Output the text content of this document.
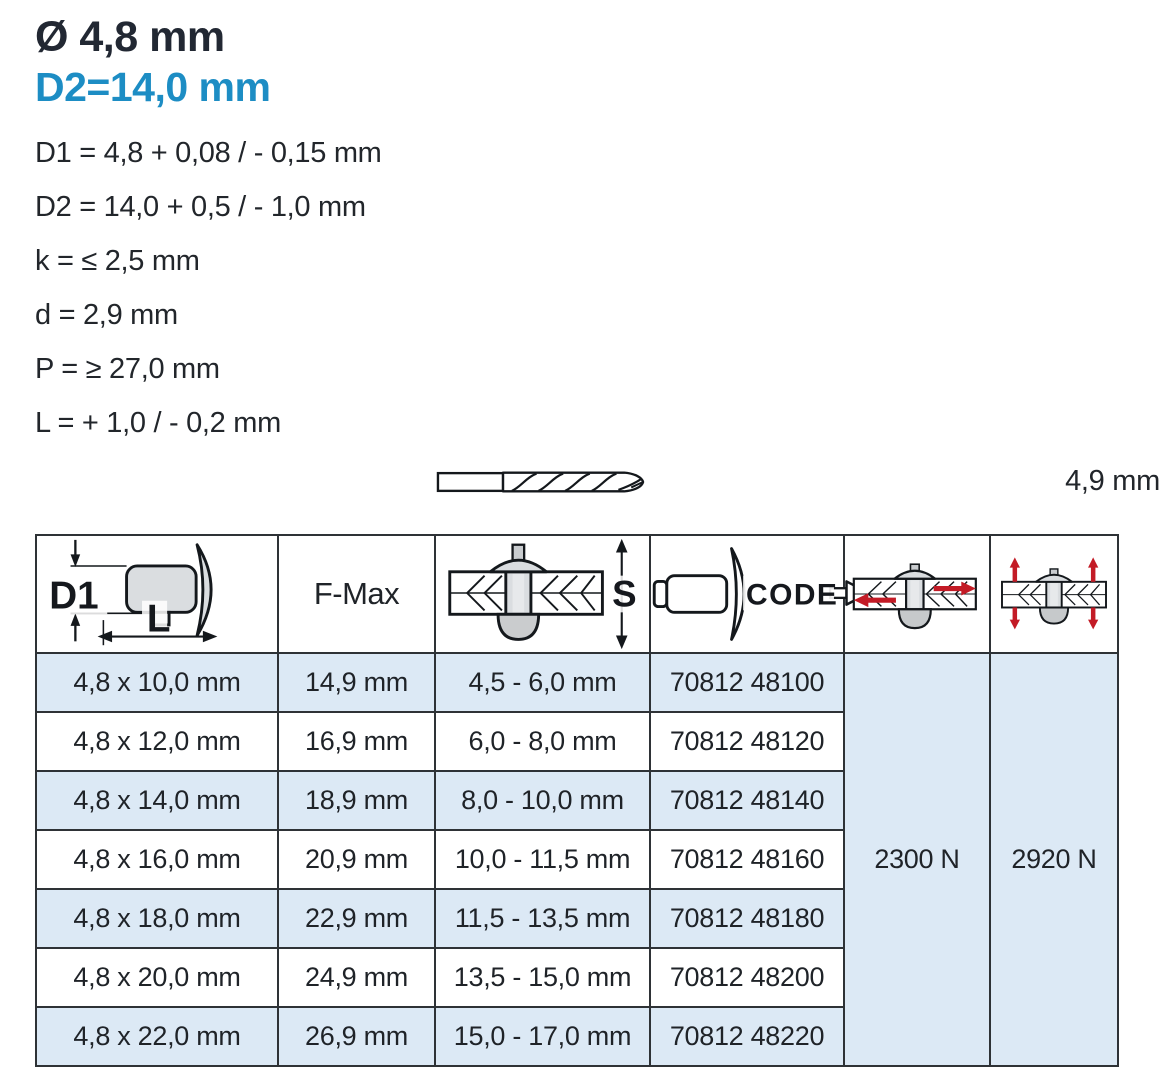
Ø 4,8 mm
D2=14,0 mm
D1 = 4,8 + 0,08 / - 0,15 mm
D2 = 14,0 + 0,5 / - 1,0 mm
k = ≤ 2,5 mm
d = 2,9 mm
P = ≥ 27,0 mm
L = + 1,0 / - 0,2 mm
4,9 mm
D1
L	F-Max	S	CODE

4,8 x 10,0 mm	14,9 mm	4,5 - 6,0 mm	70812 48100	2300 N	2920 N
4,8 x 12,0 mm	16,9 mm	6,0 - 8,0 mm	70812 48120		
4,8 x 14,0 mm	18,9 mm	8,0 - 10,0 mm	70812 48140		
4,8 x 16,0 mm	20,9 mm	10,0 - 11,5 mm	70812 48160		
4,8 x 18,0 mm	22,9 mm	11,5 - 13,5 mm	70812 48180		
4,8 x 20,0 mm	24,9 mm	13,5 - 15,0 mm	70812 48200		
4,8 x 22,0 mm	26,9 mm	15,0 - 17,0 mm	70812 48220		
